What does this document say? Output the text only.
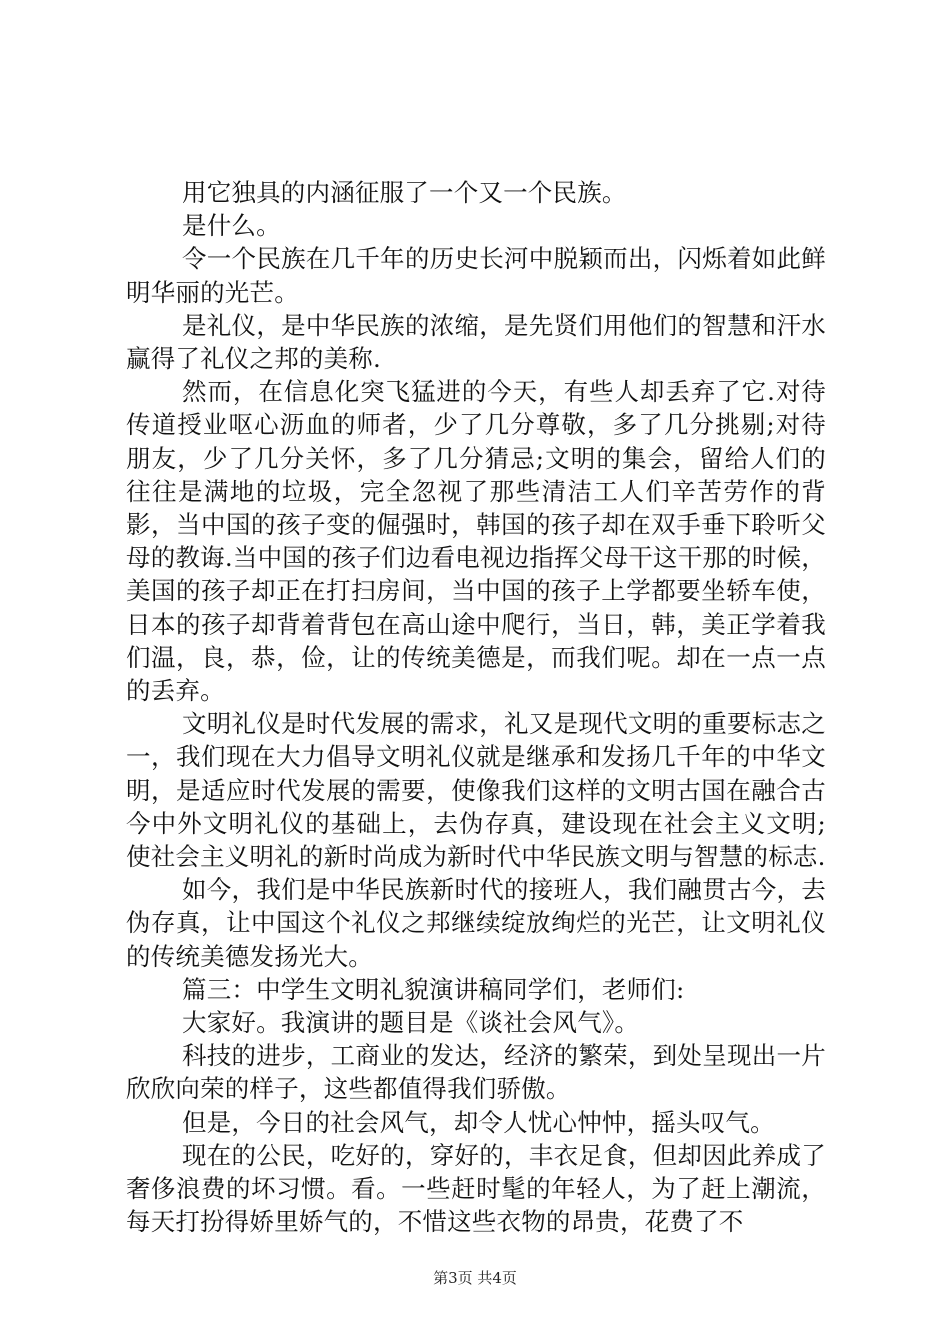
用它独具的内涵征服了一个又一个民族。

是什么。

令一个民族在几千年的历史长河中脱颖而出，闪烁着如此鲜明华丽的光芒。

是礼仪，是中华民族的浓缩，是先贤们用他们的智慧和汗水赢得了礼仪之邦的美称.

然而，在信息化突飞猛进的今天，有些人却丢弃了它.对待传道授业呕心沥血的师者，少了几分尊敬，多了几分挑剔;对待朋友，少了几分关怀，多了几分猜忌;文明的集会，留给人们的往往是满地的垃圾，完全忽视了那些清洁工人们辛苦劳作的背影，当中国的孩子变的倔强时，韩国的孩子却在双手垂下聆听父母的教诲.当中国的孩子们边看电视边指挥父母干这干那的时候，美国的孩子却正在打扫房间，当中国的孩子上学都要坐轿车使，日本的孩子却背着背包在高山途中爬行，当日，韩，美正学着我们温，良，恭，俭，让的传统美德是，而我们呢。却在一点一点的丢弃。

文明礼仪是时代发展的需求，礼又是现代文明的重要标志之一，我们现在大力倡导文明礼仪就是继承和发扬几千年的中华文明，是适应时代发展的需要，使像我们这样的文明古国在融合古今中外文明礼仪的基础上，去伪存真，建设现在社会主义文明;使社会主义明礼的新时尚成为新时代中华民族文明与智慧的标志.

如今，我们是中华民族新时代的接班人，我们融贯古今，去伪存真，让中国这个礼仪之邦继续绽放绚烂的光芒，让文明礼仪的传统美德发扬光大。

篇三：中学生文明礼貌演讲稿同学们，老师们:

大家好。我演讲的题目是《谈社会风气》。

科技的进步，工商业的发达，经济的繁荣，到处呈现出一片欣欣向荣的样子，这些都值得我们骄傲。

但是，今日的社会风气，却令人忧心忡忡，摇头叹气。

现在的公民，吃好的，穿好的，丰衣足食，但却因此养成了奢侈浪费的坏习惯。看。一些赶时髦的年轻人，为了赶上潮流，每天打扮得娇里娇气的，不惜这些衣物的昂贵，花费了不

第3页 共4页
